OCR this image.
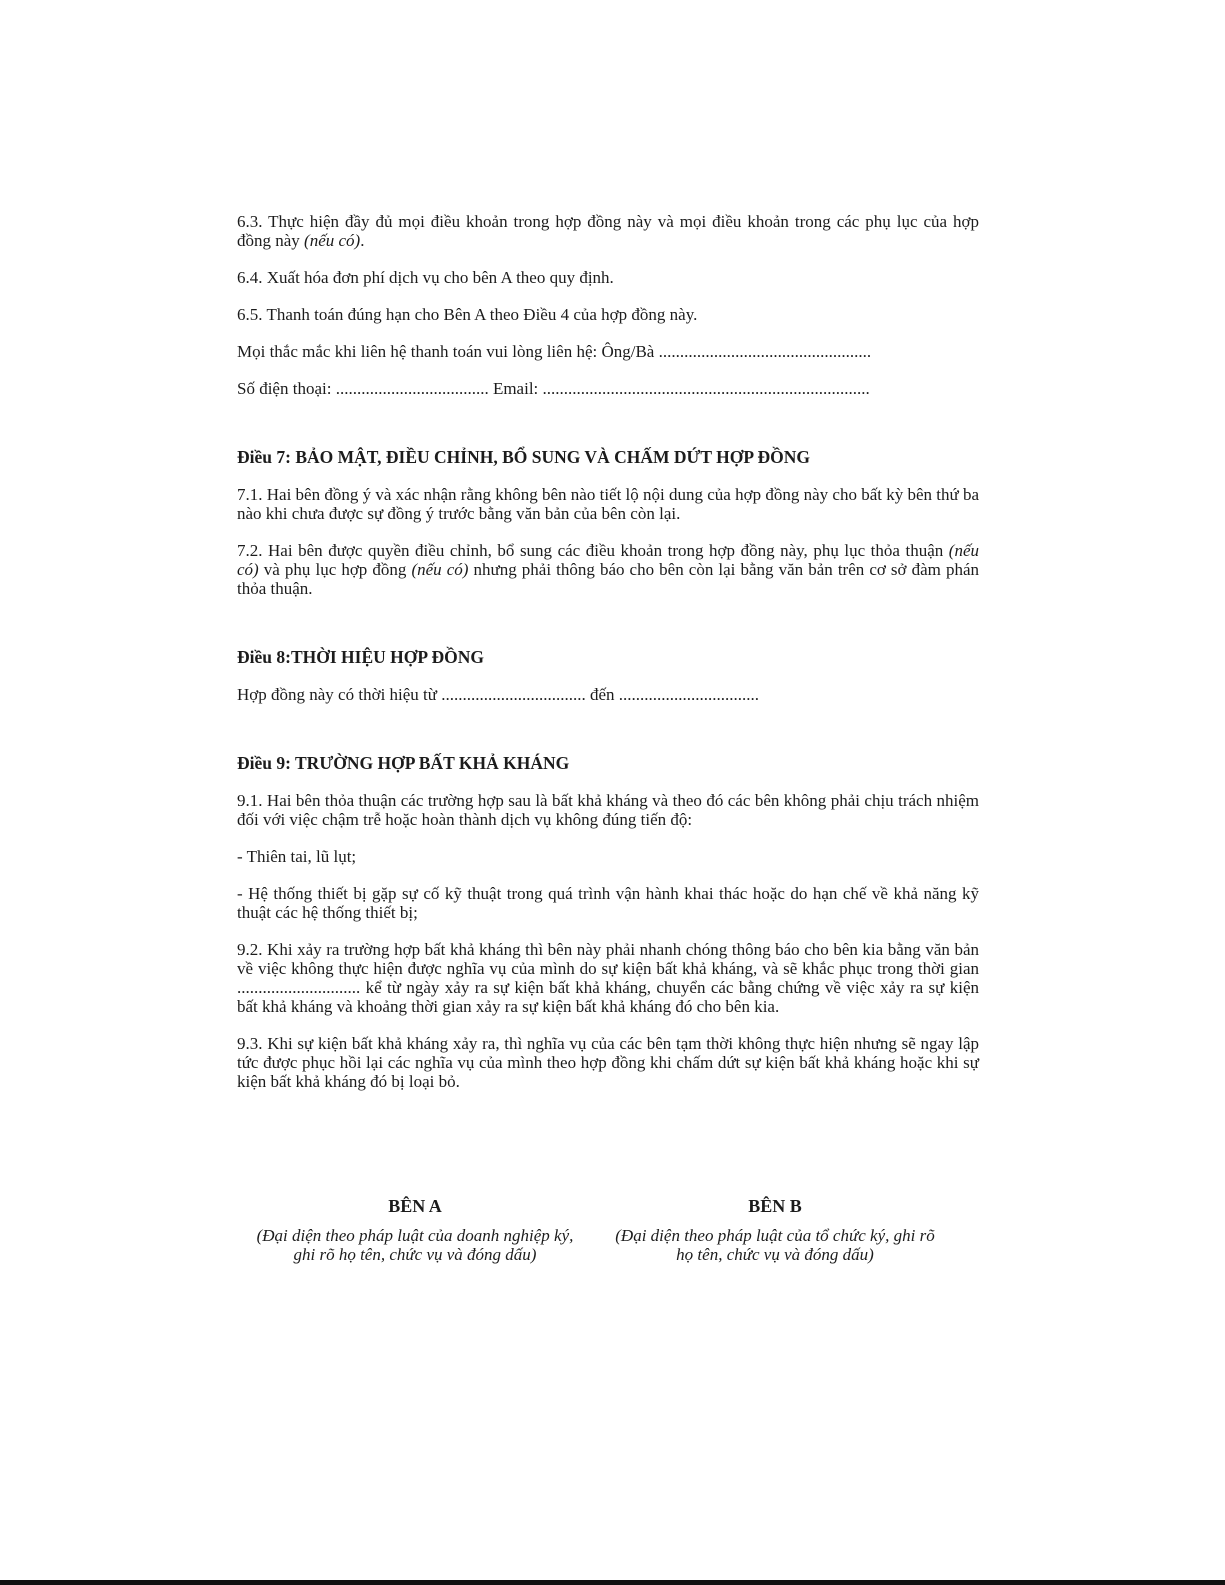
6.3. Thực hiện đầy đủ mọi điều khoản trong hợp đồng này và mọi điều khoản trong các phụ lục của hợp đồng này (nếu có).

6.4. Xuất hóa đơn phí dịch vụ cho bên A theo quy định.

6.5. Thanh toán đúng hạn cho Bên A theo Điều 4 của hợp đồng này.

Mọi thắc mắc khi liên hệ thanh toán vui lòng liên hệ: Ông/Bà ..................................................

Số điện thoại: .................................... Email: .............................................................................

Điều 7: BẢO MẬT, ĐIỀU CHỈNH, BỔ SUNG VÀ CHẤM DỨT HỢP ĐỒNG

7.1. Hai bên đồng ý và xác nhận rằng không bên nào tiết lộ nội dung của hợp đồng này cho bất kỳ bên thứ ba nào khi chưa được sự đồng ý trước bằng văn bản của bên còn lại.

7.2. Hai bên được quyền điều chỉnh, bổ sung các điều khoản trong hợp đồng này, phụ lục thỏa thuận (nếu có) và phụ lục hợp đồng (nếu có) nhưng phải thông báo cho bên còn lại bằng văn bản trên cơ sở đàm phán thỏa thuận.

Điều 8:THỜI HIỆU HỢP ĐỒNG

Hợp đồng này có thời hiệu từ .................................. đến .................................

Điều 9: TRƯỜNG HỢP BẤT KHẢ KHÁNG

9.1. Hai bên thỏa thuận các trường hợp sau là bất khả kháng và theo đó các bên không phải chịu trách nhiệm đối với việc chậm trễ hoặc hoàn thành dịch vụ không đúng tiến độ:

- Thiên tai, lũ lụt;

- Hệ thống thiết bị gặp sự cố kỹ thuật trong quá trình vận hành khai thác hoặc do hạn chế về khả năng kỹ thuật các hệ thống thiết bị;

9.2. Khi xảy ra trường hợp bất khả kháng thì bên này phải nhanh chóng thông báo cho bên kia bằng văn bản về việc không thực hiện được nghĩa vụ của mình do sự kiện bất khả kháng, và sẽ khắc phục trong thời gian ............................. kể từ ngày xảy ra sự kiện bất khả kháng, chuyển các bằng chứng về việc xảy ra sự kiện bất khả kháng và khoảng thời gian xảy ra sự kiện bất khả kháng đó cho bên kia.

9.3. Khi sự kiện bất khả kháng xảy ra, thì nghĩa vụ của các bên tạm thời không thực hiện nhưng sẽ ngay lập tức được phục hồi lại các nghĩa vụ của mình theo hợp đồng khi chấm dứt sự kiện bất khả kháng hoặc khi sự kiện bất khả kháng đó bị loại bỏ.

BÊN A
(Đại diện theo pháp luật của doanh nghiệp ký, ghi rõ họ tên, chức vụ và đóng dấu)
BÊN B
(Đại diện theo pháp luật của tổ chức ký, ghi rõ họ tên, chức vụ và đóng dấu)
